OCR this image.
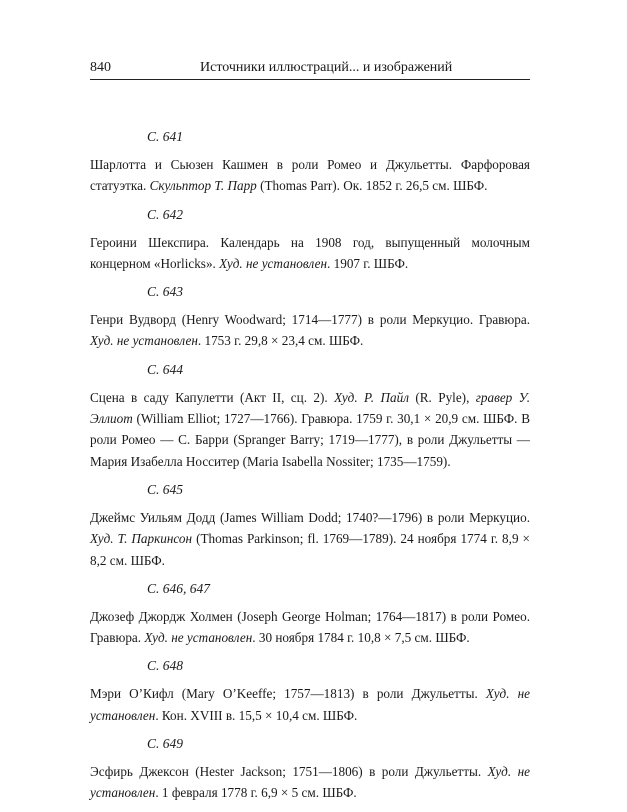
840	Источники иллюстраций... и изображений
С. 641

Шарлотта и Сьюзен Кашмен в роли Ромео и Джульетты. Фарфоровая статуэтка. Скульптор Т. Парр (Thomas Parr). Ок. 1852 г. 26,5 см. ШБФ.

С. 642

Героини Шекспира. Календарь на 1908 год, выпущенный молочным концерном «Horlicks». Худ. не установлен. 1907 г. ШБФ.

С. 643

Генри Вудворд (Henry Woodward; 1714—1777) в роли Меркуцио. Гравюра. Худ. не установлен. 1753 г. 29,8 × 23,4 см. ШБФ.

С. 644

Сцена в саду Капулетти (Акт II, сц. 2). Худ. Р. Пайл (R. Pyle), гравер У. Эллиот (William Elliot; 1727—1766). Гравюра. 1759 г. 30,1 × 20,9 см. ШБФ. В роли Ромео — С. Барри (Spranger Barry; 1719—1777), в роли Джульетты — Мария Изабелла Носситер (Maria Isabella Nossiter; 1735—1759).

С. 645

Джеймс Уильям Додд (James William Dodd; 1740?—1796) в роли Меркуцио. Худ. Т. Паркинсон (Thomas Parkinson; fl. 1769—1789). 24 ноября 1774 г. 8,9 × 8,2 см. ШБФ.

С. 646, 647

Джозеф Джордж Холмен (Joseph George Holman; 1764—1817) в роли Ромео. Гравюра. Худ. не установлен. 30 ноября 1784 г. 10,8 × 7,5 см. ШБФ.

С. 648

Мэри О’Кифл (Mary O’Keeffe; 1757—1813) в роли Джульетты. Худ. не установлен. Кон. XVIII в. 15,5 × 10,4 см. ШБФ.

С. 649

Эсфирь Джексон (Hester Jackson; 1751—1806) в роли Джульетты. Худ. не установлен. 1 февраля 1778 г. 6,9 × 5 см. ШБФ.
